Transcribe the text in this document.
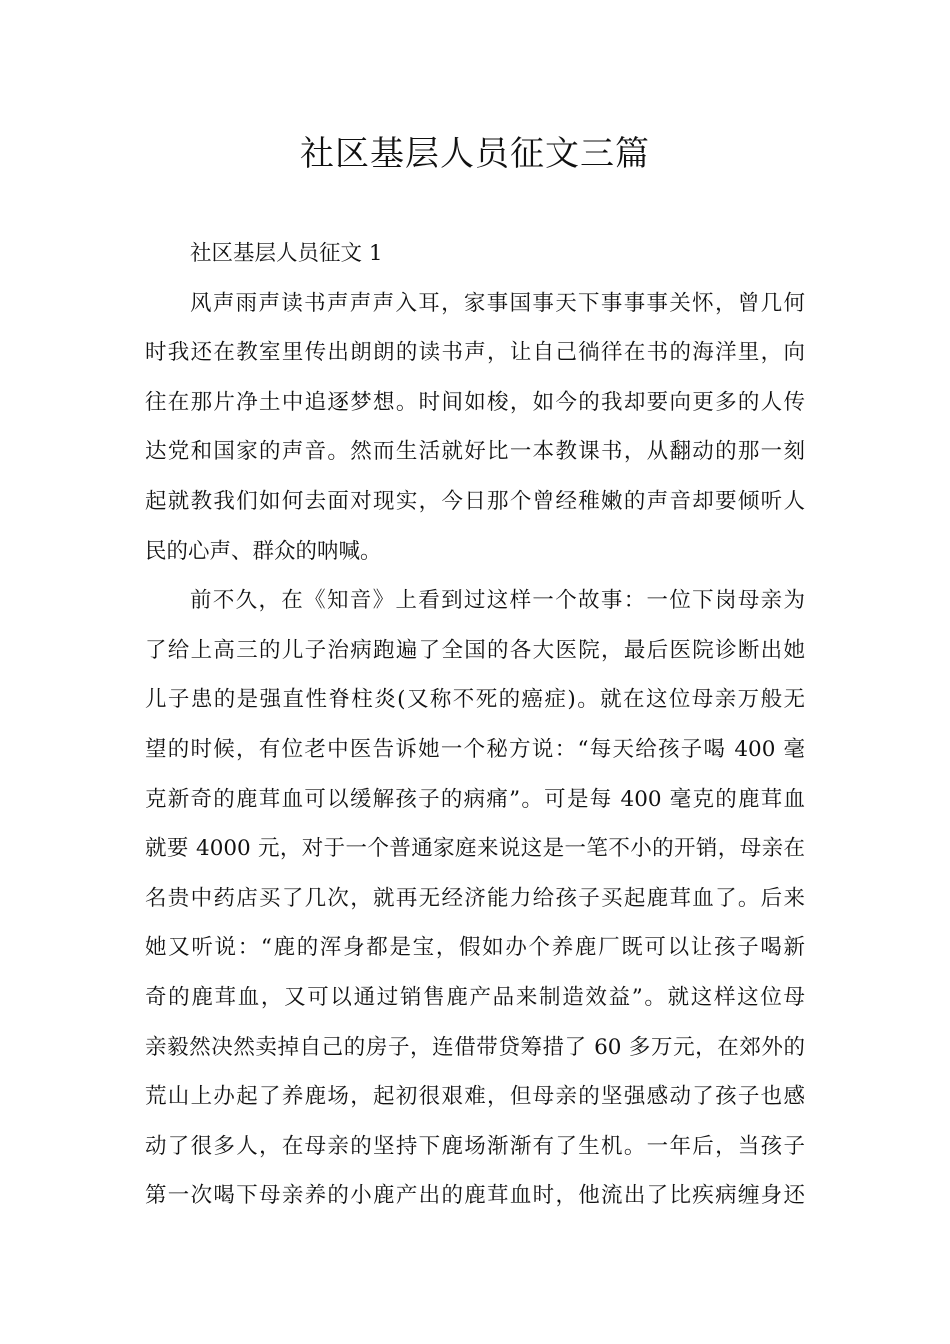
社区基层人员征文三篇
社区基层人员征文 1
风声雨声读书声声声入耳，家事国事天下事事事关怀，曾几何
时我还在教室里传出朗朗的读书声，让自己徜徉在书的海洋里，向
往在那片净土中追逐梦想。时间如梭，如今的我却要向更多的人传
达党和国家的声音。然而生活就好比一本教课书，从翻动的那一刻
起就教我们如何去面对现实，今日那个曾经稚嫩的声音却要倾听人
民的心声、群众的呐喊。
前不久，在《知音》上看到过这样一个故事：一位下岗母亲为
了给上高三的儿子治病跑遍了全国的各大医院，最后医院诊断出她
儿子患的是强直性脊柱炎(又称不死的癌症)。就在这位母亲万般无
望的时候，有位老中医告诉她一个秘方说：“每天给孩子喝 400 毫
克新奇的鹿茸血可以缓解孩子的病痛”。可是每 400 毫克的鹿茸血
就要 4000 元，对于一个普通家庭来说这是一笔不小的开销，母亲在
名贵中药店买了几次，就再无经济能力给孩子买起鹿茸血了。后来
她又听说：“鹿的浑身都是宝，假如办个养鹿厂既可以让孩子喝新
奇的鹿茸血，又可以通过销售鹿产品来制造效益”。就这样这位母
亲毅然决然卖掉自己的房子，连借带贷筹措了 60 多万元，在郊外的
荒山上办起了养鹿场，起初很艰难，但母亲的坚强感动了孩子也感
动了很多人，在母亲的坚持下鹿场渐渐有了生机。一年后，当孩子
第一次喝下母亲养的小鹿产出的鹿茸血时，他流出了比疾病缠身还
